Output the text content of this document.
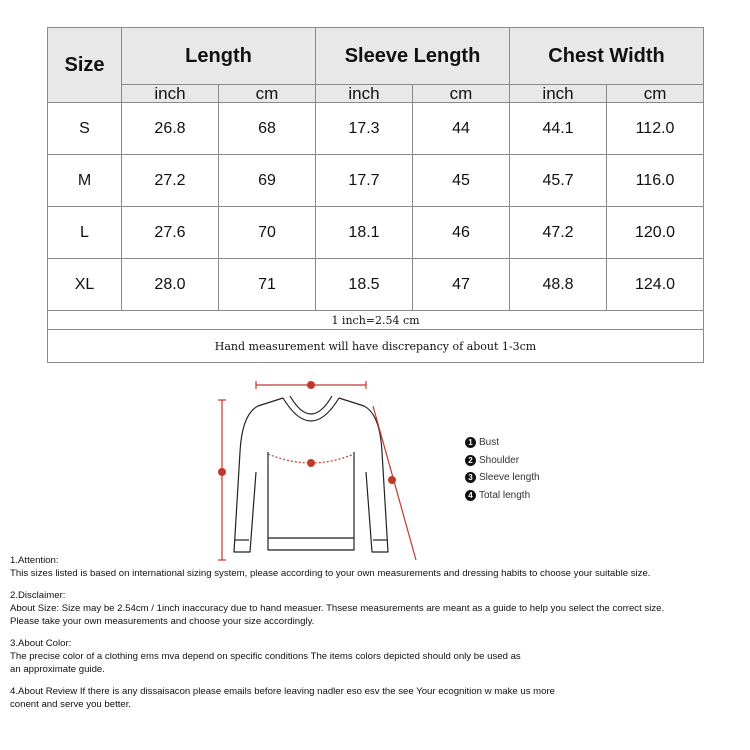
Size	Length		Sleeve Length		Chest Width	
	inch	cm	inch	cm	inch	cm
S	26.8	68	17.3	44	44.1	112.0
M	27.2	69	17.7	45	45.7	116.0
L	27.6	70	18.1	46	47.2	120.0
XL	28.0	71	18.5	47	48.8	124.0
1 inch=2.54 cm						
Hand measurement will have discrepancy of about 1-3cm						
1 Bust
2 Shoulder
3 Sleeve length
4 Total length
1.Attention:
This sizes listed is based on international sizing system, please according to your own measurements and dressing habits to choose your suitable size.
2.Disclaimer:
About Size: Size may be 2.54cm / 1inch inaccuracy due to hand measuer. Thsese measurements are meant as a guide to help you select the correct size.
Please take your own measurements and choose your size accordingly.
3.About Color:
The precise color of a clothing ems mva depend on specific conditions The items colors depicted should only be used as
an approximate guide.
4.About Review If there is any dissaisacon please emails before leaving nadler eso esv the see Your ecognition w make us more
conent and serve you better.
